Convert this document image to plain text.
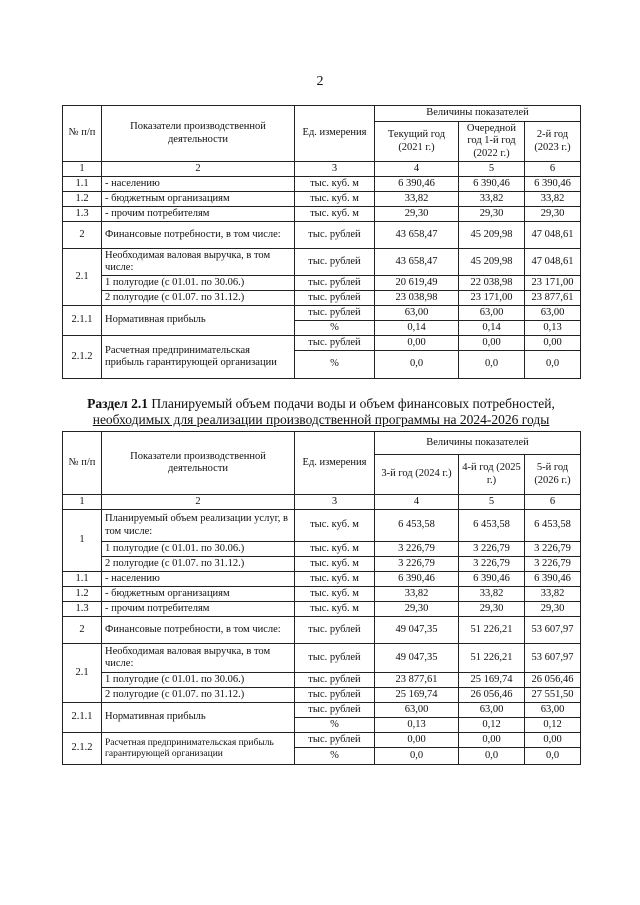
2
№ п/п	Показатели производственной деятельности	Ед. измерения	Величины показателей		
			Текущий год (2021 г.)	Очередной год 1-й год (2022 г.)	2-й год (2023 г.)
1	2	3	4	5	6
1.1	- населению	тыс. куб. м	6 390,46	6 390,46	6 390,46
1.2	- бюджетным организациям	тыс. куб. м	33,82	33,82	33,82
1.3	- прочим потребителям	тыс. куб. м	29,30	29,30	29,30
2	Финансовые потребности, в том числе:	тыс. рублей	43 658,47	45 209,98	47 048,61
2.1	Необходимая валовая выручка, в том числе:	тыс. рублей	43 658,47	45 209,98	47 048,61
	1 полугодие (с 01.01. по 30.06.)	тыс. рублей	20 619,49	22 038,98	23 171,00
	2 полугодие (с 01.07. по 31.12.)	тыс. рублей	23 038,98	23 171,00	23 877,61
2.1.1	Нормативная прибыль	тыс. рублей	63,00	63,00	63,00
		%	0,14	0,14	0,13
2.1.2	Расчетная предпринимательская прибыль гарантирующей организации	тыс. рублей	0,00	0,00	0,00
		%	0,0	0,0	0,0
Раздел 2.1 Планируемый объем подачи воды и объем финансовых потребностей,
необходимых для реализации производственной программы на 2024-2026 годы
№ п/п	Показатели производственной деятельности	Ед. измерения	Величины показателей		
			3-й год (2024 г.)	4-й год (2025 г.)	5-й год (2026 г.)
1	2	3	4	5	6
1	Планируемый объем реализации услуг, в том числе:	тыс. куб. м	6 453,58	6 453,58	6 453,58
	1 полугодие (с 01.01. по 30.06.)	тыс. куб. м	3 226,79	3 226,79	3 226,79
	2 полугодие (с 01.07. по 31.12.)	тыс. куб. м	3 226,79	3 226,79	3 226,79
1.1	- населению	тыс. куб. м	6 390,46	6 390,46	6 390,46
1.2	- бюджетным организациям	тыс. куб. м	33,82	33,82	33,82
1.3	- прочим потребителям	тыс. куб. м	29,30	29,30	29,30
2	Финансовые потребности, в том числе:	тыс. рублей	49 047,35	51 226,21	53 607,97
2.1	Необходимая валовая выручка, в том числе:	тыс. рублей	49 047,35	51 226,21	53 607,97
	1 полугодие (с 01.01. по 30.06.)	тыс. рублей	23 877,61	25 169,74	26 056,46
	2 полугодие (с 01.07. по 31.12.)	тыс. рублей	25 169,74	26 056,46	27 551,50
2.1.1	Нормативная прибыль	тыс. рублей	63,00	63,00	63,00
		%	0,13	0,12	0,12
2.1.2	Расчетная предпринимательская прибыль гарантирующей организации	тыс. рублей	0,00	0,00	0,00
		%	0,0	0,0	0,0
